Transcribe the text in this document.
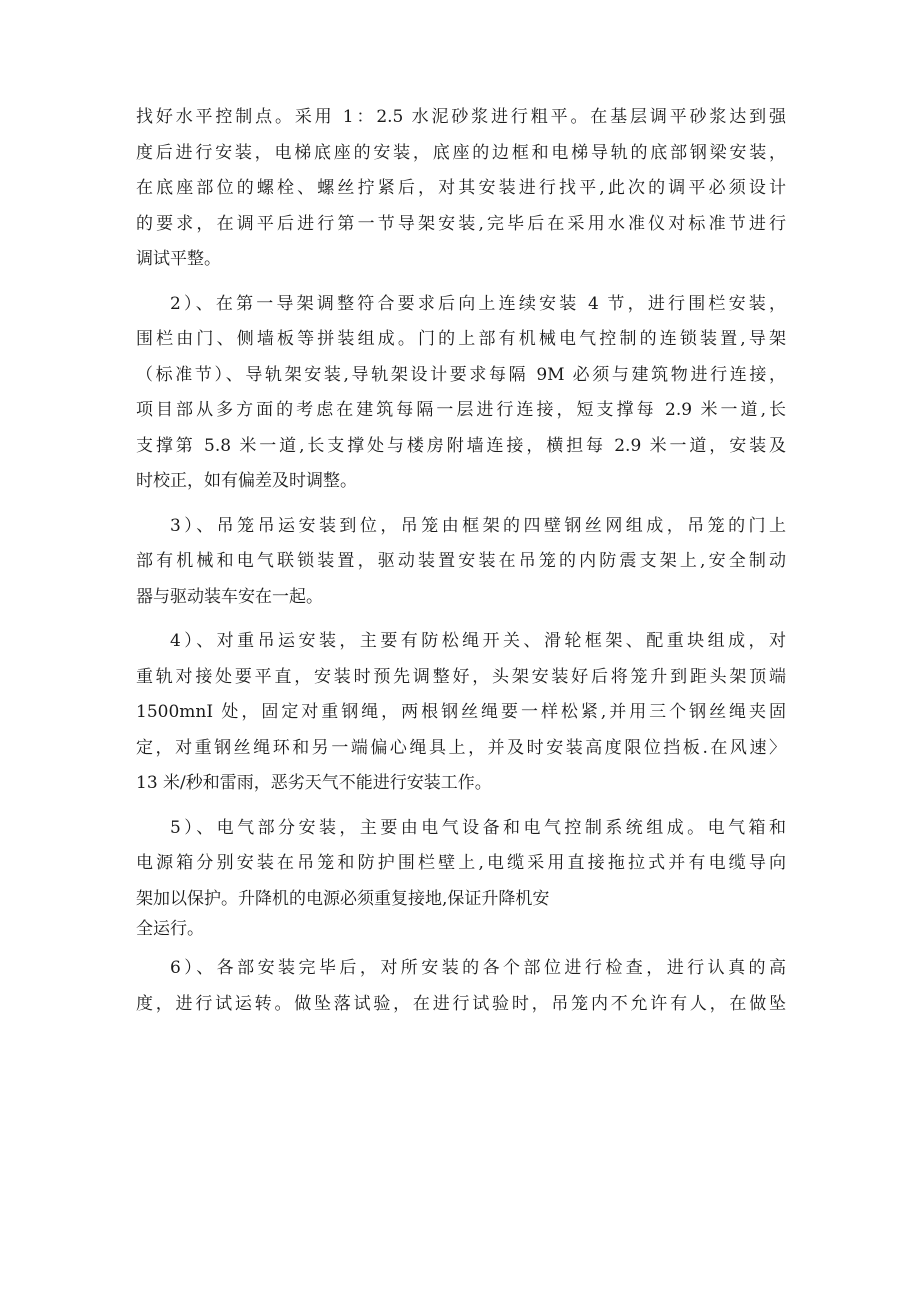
找好水平控制点。采用 1：2.5 水泥砂浆进行粗平。在基层调平砂浆达到强
度后进行安装，电梯底座的安装，底座的边框和电梯导轨的底部钢梁安装，
在底座部位的螺栓、螺丝拧紧后，对其安装进行找平,此次的调平必须设计
的要求，在调平后进行第一节导架安装,完毕后在采用水准仪对标准节进行
调试平整。
2）、在第一导架调整符合要求后向上连续安装 4 节，进行围栏安装，
围栏由门、侧墙板等拼装组成。门的上部有机械电气控制的连锁装置,导架
（标准节）、导轨架安装,导轨架设计要求每隔 9M 必须与建筑物进行连接，
项目部从多方面的考虑在建筑每隔一层进行连接，短支撑每 2.9 米一道,长
支撑第 5.8 米一道,长支撑处与楼房附墙连接，横担每 2.9 米一道，安装及
时校正，如有偏差及时调整。
3）、吊笼吊运安装到位，吊笼由框架的四壁钢丝网组成，吊笼的门上
部有机械和电气联锁装置，驱动装置安装在吊笼的内防震支架上,安全制动
器与驱动装车安在一起。
4）、对重吊运安装，主要有防松绳开关、滑轮框架、配重块组成，对
重轨对接处要平直，安装时预先调整好，头架安装好后将笼升到距头架顶端
1500mnI 处，固定对重钢绳，两根钢丝绳要一样松紧,并用三个钢丝绳夹固
定，对重钢丝绳环和另一端偏心绳具上，并及时安装高度限位挡板.在风速〉
13 米/秒和雷雨，恶劣天气不能进行安装工作。
5）、电气部分安装，主要由电气设备和电气控制系统组成。电气箱和
电源箱分别安装在吊笼和防护围栏壁上,电缆采用直接拖拉式并有电缆导向
架加以保护。升降机的电源必须重复接地,保证升降机安
全运行。
6）、各部安装完毕后，对所安装的各个部位进行检查，进行认真的高
度，进行试运转。做坠落试验，在进行试验时，吊笼内不允许有人，在做坠
